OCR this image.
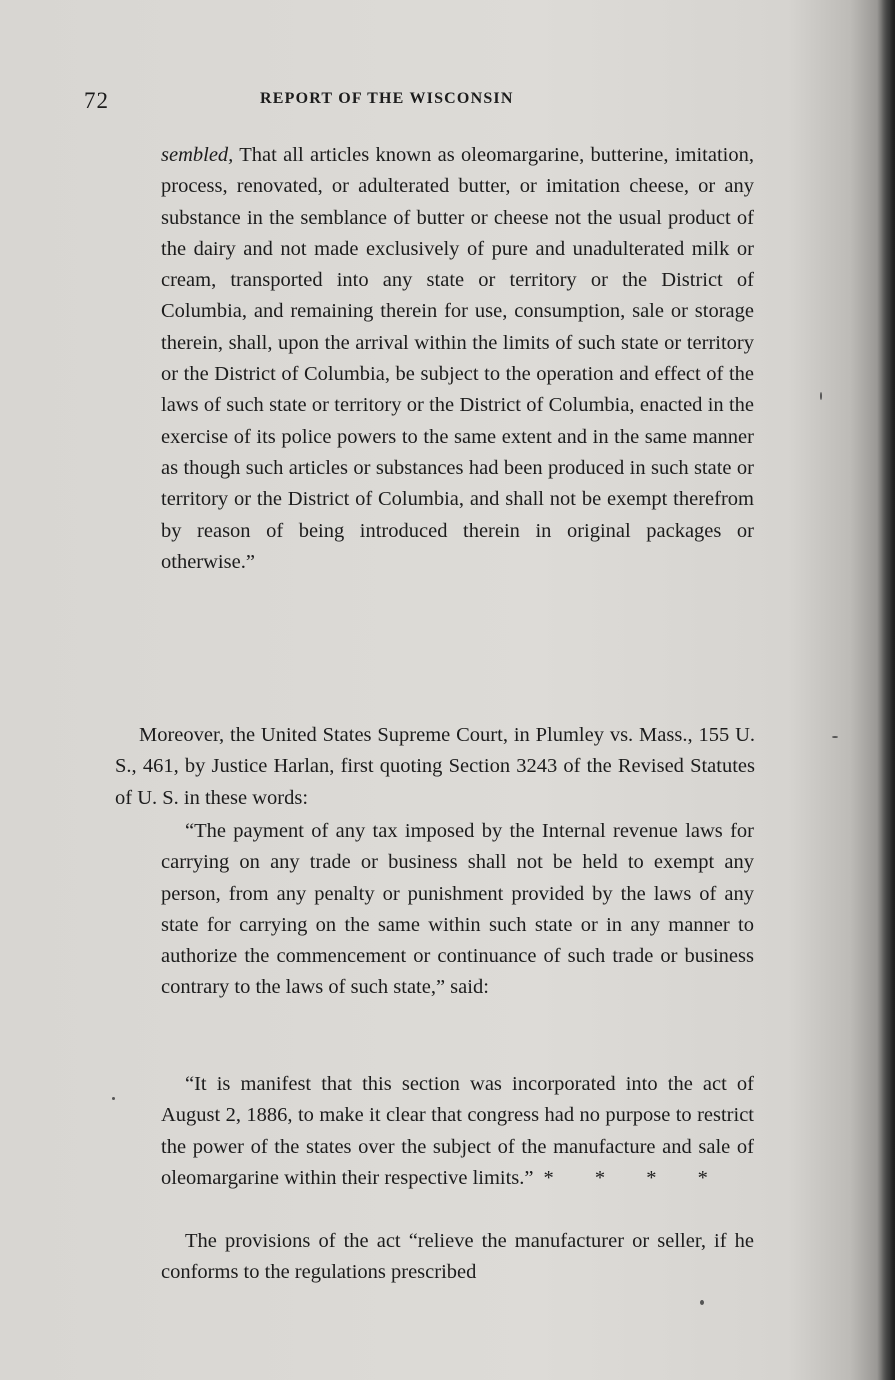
72	REPORT OF THE WISCONSIN
sembled, That all articles known as oleomargarine, butterine, imitation, process, renovated, or adulterated butter, or imitation cheese, or any substance in the semblance of butter or cheese not the usual product of the dairy and not made exclusively of pure and unadulterated milk or cream, transported into any state or territory or the District of Columbia, and remaining therein for use, consumption, sale or storage therein, shall, upon the arrival within the limits of such state or territory or the District of Columbia, be subject to the operation and effect of the laws of such state or territory or the District of Columbia, enacted in the exercise of its police powers to the same extent and in the same manner as though such articles or substances had been produced in such state or territory or the District of Columbia, and shall not be exempt therefrom by reason of being introduced therein in original packages or otherwise.”
Moreover, the United States Supreme Court, in Plumley vs. Mass., 155 U. S., 461, by Justice Harlan, first quoting Section 3243 of the Revised Statutes of U. S. in these words:
“The payment of any tax imposed by the Internal revenue laws for carrying on any trade or business shall not be held to exempt any person, from any penalty or punishment provided by the laws of any state for carrying on the same within such state or in any manner to authorize the commencement or continuance of such trade or business contrary to the laws of such state,” said:
“It is manifest that this section was incorporated into the act of August 2, 1886, to make it clear that congress had no purpose to restrict the power of the states over the subject of the manufacture and sale of oleomargarine within their respective limits.” * * * *
The provisions of the act “relieve the manufacturer or seller, if he conforms to the regulations prescribed
